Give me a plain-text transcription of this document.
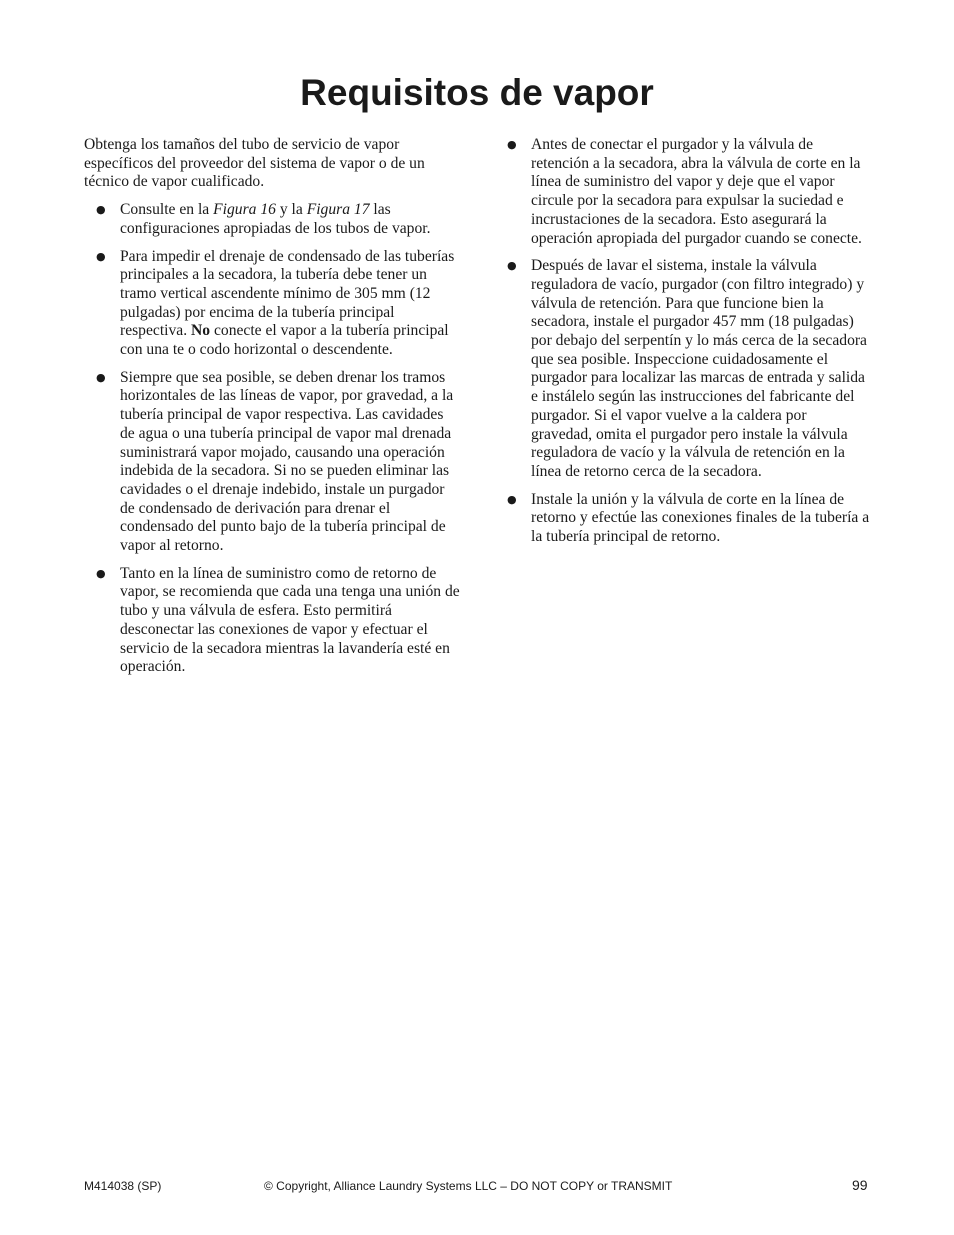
Requisitos de vapor

Obtenga los tamaños del tubo de servicio de vapor específicos del proveedor del sistema de vapor o de un técnico de vapor cualificado.

● Consulte en la Figura 16 y la Figura 17 las configuraciones apropiadas de los tubos de vapor.
● Para impedir el drenaje de condensado de las tuberías principales a la secadora, la tubería debe tener un tramo vertical ascendente mínimo de 305 mm (12 pulgadas) por encima de la tubería principal respectiva. No conecte el vapor a la tubería principal con una te o codo horizontal o descendente.
● Siempre que sea posible, se deben drenar los tramos horizontales de las líneas de vapor, por gravedad, a la tubería principal de vapor respectiva. Las cavidades de agua o una tubería principal de vapor mal drenada suministrará vapor mojado, causando una operación indebida de la secadora. Si no se pueden eliminar las cavidades o el drenaje indebido, instale un purgador de condensado de derivación para drenar el condensado del punto bajo de la tubería principal de vapor al retorno.
● Tanto en la línea de suministro como de retorno de vapor, se recomienda que cada una tenga una unión de tubo y una válvula de esfera. Esto permitirá desconectar las conexiones de vapor y efectuar el servicio de la secadora mientras la lavandería esté en operación.
● Antes de conectar el purgador y la válvula de retención a la secadora, abra la válvula de corte en la línea de suministro del vapor y deje que el vapor circule por la secadora para expulsar la suciedad e incrustaciones de la secadora. Esto asegurará la operación apropiada del purgador cuando se conecte.
● Después de lavar el sistema, instale la válvula reguladora de vacío, purgador (con filtro integrado) y válvula de retención. Para que funcione bien la secadora, instale el purgador 457 mm (18 pulgadas) por debajo del serpentín y lo más cerca de la secadora que sea posible. Inspeccione cuidadosamente el purgador para localizar las marcas de entrada y salida e instálelo según las instrucciones del fabricante del purgador. Si el vapor vuelve a la caldera por gravedad, omita el purgador pero instale la válvula reguladora de vacío y la válvula de retención en la línea de retorno cerca de la secadora.
● Instale la unión y la válvula de corte en la línea de retorno y efectúe las conexiones finales de la tubería a la tubería principal de retorno.
M414038 (SP)	© Copyright, Alliance Laundry Systems LLC – DO NOT COPY or TRANSMIT	99
